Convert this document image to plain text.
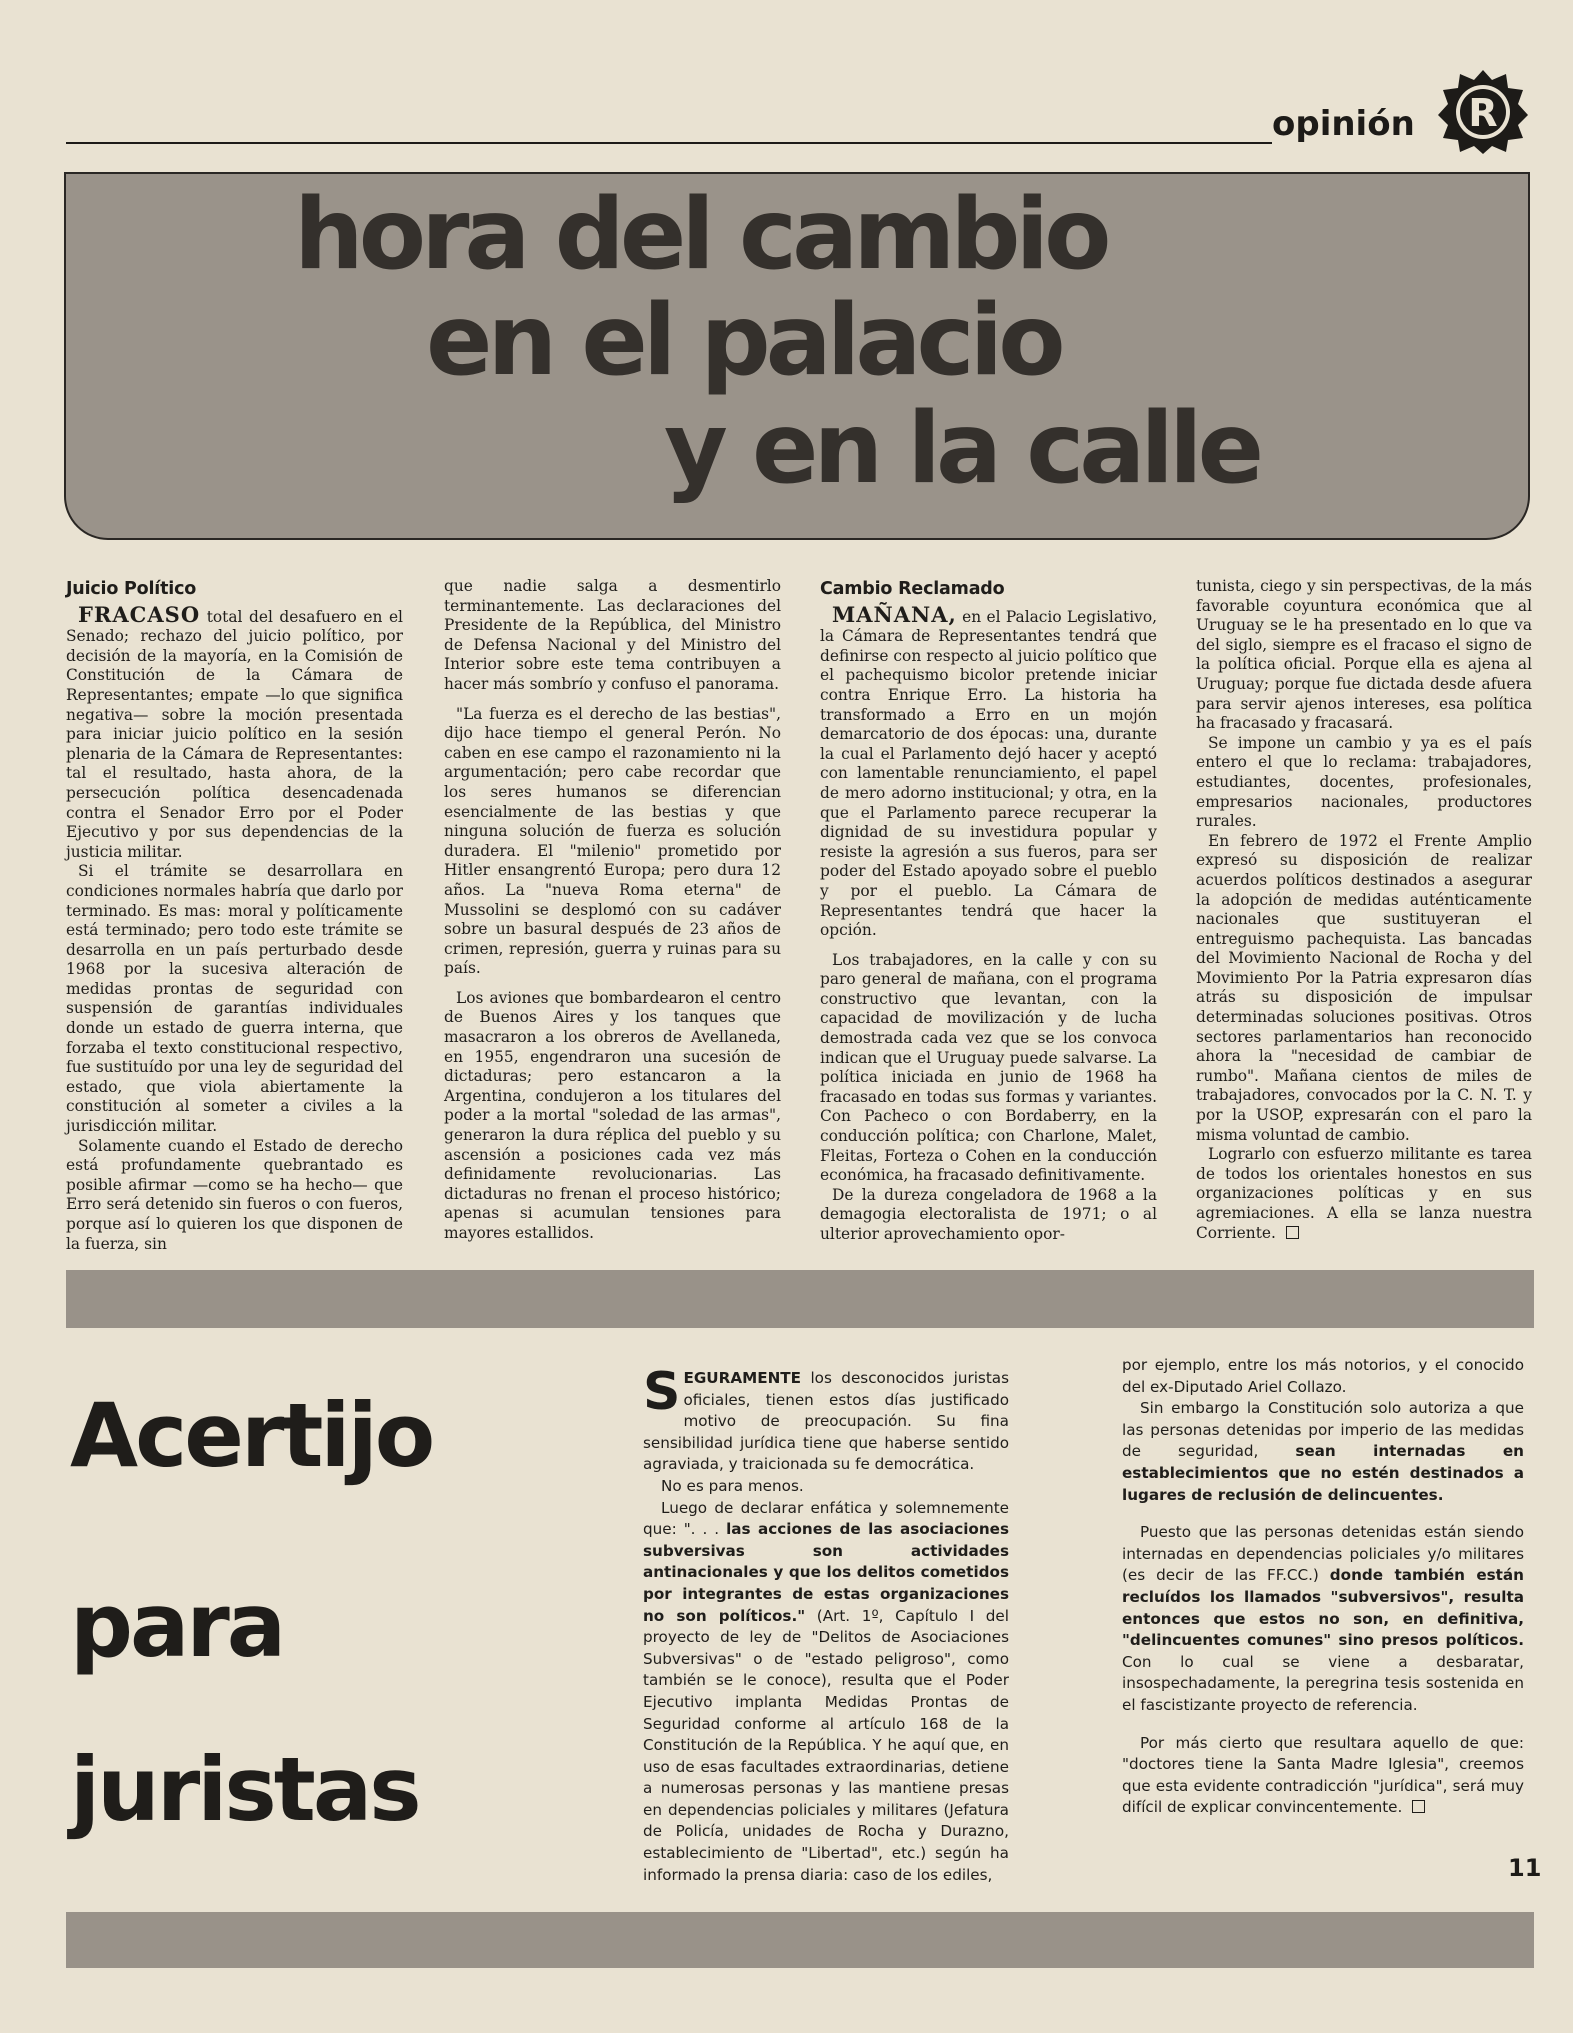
opinión R
hora del cambio
en el palacio
y en la calle
Juicio Político

FRACASO total del desafuero en el Senado; rechazo del juicio político, por decisión de la mayoría, en la Comisión de Constitución de la Cámara de Representantes; empate —lo que significa negativa— sobre la moción presentada para iniciar juicio político en la sesión plenaria de la Cámara de Representantes: tal el resultado, hasta ahora, de la persecución política desencadenada contra el Senador Erro por el Poder Ejecutivo y por sus dependencias de la justicia militar.

Si el trámite se desarrollara en condiciones normales habría que darlo por terminado. Es mas: moral y políticamente está terminado; pero todo este trámite se desarrolla en un país perturbado desde 1968 por la sucesiva alteración de medidas prontas de seguridad con suspensión de garantías individuales donde un estado de guerra interna, que forzaba el texto constitucional respectivo, fue sustituído por una ley de seguridad del estado, que viola abiertamente la constitución al someter a civiles a la jurisdicción militar.

Solamente cuando el Estado de derecho está profundamente quebrantado es posible afirmar —como se ha hecho— que Erro será detenido sin fueros o con fueros, porque así lo quieren los que disponen de la fuerza, sin

que nadie salga a desmentirlo terminantemente. Las declaraciones del Presidente de la República, del Ministro de Defensa Nacional y del Ministro del Interior sobre este tema contribuyen a hacer más sombrío y confuso el panorama.

"La fuerza es el derecho de las bestias", dijo hace tiempo el general Perón. No caben en ese campo el razonamiento ni la argumentación; pero cabe recordar que los seres humanos se diferencian esencialmente de las bestias y que ninguna solución de fuerza es solución duradera. El "milenio" prometido por Hitler ensangrentó Europa; pero dura 12 años. La "nueva Roma eterna" de Mussolini se desplomó con su cadáver sobre un basural después de 23 años de crimen, represión, guerra y ruinas para su país.

Los aviones que bombardearon el centro de Buenos Aires y los tanques que masacraron a los obreros de Avellaneda, en 1955, engendraron una sucesión de dictaduras; pero estancaron a la Argentina, condujeron a los titulares del poder a la mortal "soledad de las armas", generaron la dura réplica del pueblo y su ascensión a posiciones cada vez más definidamente revolucionarias. Las dictaduras no frenan el proceso histórico; apenas si acumulan tensiones para mayores estallidos.

Cambio Reclamado

MAÑANA, en el Palacio Legislativo, la Cámara de Representantes tendrá que definirse con respecto al juicio político que el pachequismo bicolor pretende iniciar contra Enrique Erro. La historia ha transformado a Erro en un mojón demarcatorio de dos épocas: una, durante la cual el Parlamento dejó hacer y aceptó con lamentable renunciamiento, el papel de mero adorno institucional; y otra, en la que el Parlamento parece recuperar la dignidad de su investidura popular y resiste la agresión a sus fueros, para ser poder del Estado apoyado sobre el pueblo y por el pueblo. La Cámara de Representantes tendrá que hacer la opción.

Los trabajadores, en la calle y con su paro general de mañana, con el programa constructivo que levantan, con la capacidad de movilización y de lucha demostrada cada vez que se los convoca indican que el Uruguay puede salvarse. La política iniciada en junio de 1968 ha fracasado en todas sus formas y variantes. Con Pacheco o con Bordaberry, en la conducción política; con Charlone, Malet, Fleitas, Forteza o Cohen en la conducción económica, ha fracasado definitivamente.

De la dureza congeladora de 1968 a la demagogia electoralista de 1971; o al ulterior aprovechamiento opor-

tunista, ciego y sin perspectivas, de la más favorable coyuntura económica que al Uruguay se le ha presentado en lo que va del siglo, siempre es el fracaso el signo de la política oficial. Porque ella es ajena al Uruguay; porque fue dictada desde afuera para servir ajenos intereses, esa política ha fracasado y fracasará.

Se impone un cambio y ya es el país entero el que lo reclama: trabajadores, estudiantes, docentes, profesionales, empresarios nacionales, productores rurales.

En febrero de 1972 el Frente Amplio expresó su disposición de realizar acuerdos políticos destinados a asegurar la adopción de medidas auténticamente nacionales que sustituyeran el entreguismo pachequista. Las bancadas del Movimiento Nacional de Rocha y del Movimiento Por la Patria expresaron días atrás su disposición de impulsar determinadas soluciones positivas. Otros sectores parlamentarios han reconocido ahora la "necesidad de cambiar de rumbo". Mañana cientos de miles de trabajadores, convocados por la C. N. T. y por la USOP, expresarán con el paro la misma voluntad de cambio.

Lograrlo con esfuerzo militante es tarea de todos los orientales honestos en sus organizaciones políticas y en sus agremiaciones. A ella se lanza nuestra Corriente.

Acertijo
para
juristas

SEGURAMENTE los desconocidos juristas oficiales, tienen estos días justificado motivo de preocupación. Su fina sensibilidad jurídica tiene que haberse sentido agraviada, y traicionada su fe democrática.

No es para menos.

Luego de declarar enfática y solemnemente que: ". . . las acciones de las asociaciones subversivas son actividades antinacionales y que los delitos cometidos por integrantes de estas organizaciones no son políticos." (Art. 1º, Capítulo I del proyecto de ley de "Delitos de Asociaciones Subversivas" o de "estado peligroso", como también se le conoce), resulta que el Poder Ejecutivo implanta Medidas Prontas de Seguridad conforme al artículo 168 de la Constitución de la República. Y he aquí que, en uso de esas facultades extraordinarias, detiene a numerosas personas y las mantiene presas en dependencias policiales y militares (Jefatura de Policía, unidades de Rocha y Durazno, establecimiento de "Libertad", etc.) según ha informado la prensa diaria: caso de los ediles,

por ejemplo, entre los más notorios, y el conocido del ex-Diputado Ariel Collazo.

Sin embargo la Constitución solo autoriza a que las personas detenidas por imperio de las medidas de seguridad, sean internadas en establecimientos que no estén destinados a lugares de reclusión de delincuentes.

Puesto que las personas detenidas están siendo internadas en dependencias policiales y/o militares (es decir de las FF.CC.) donde también están recluídos los llamados "subversivos", resulta entonces que estos no son, en definitiva, "delincuentes comunes" sino presos políticos. Con lo cual se viene a desbaratar, insospechadamente, la peregrina tesis sostenida en el fascistizante proyecto de referencia.

Por más cierto que resultara aquello de que: "doctores tiene la Santa Madre Iglesia", creemos que esta evidente contradicción "jurídica", será muy difícil de explicar convincentemente.

11
